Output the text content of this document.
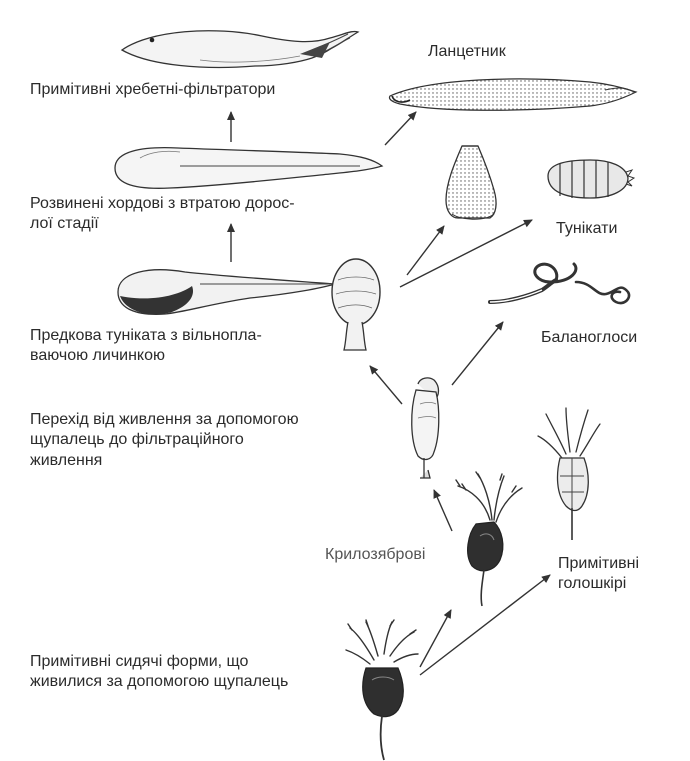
Примітивні хребетні-фільтратори
Ланцетник
Розвинені хордові з втратою дорос-
лої стадії	Тунікати
Предкова туніката з вільнопла-
ваючою личинкою
Баланоглоси
Перехід від живлення за допомогою
щупалець до фільтраційного
живлення
Крилозяброві
Примітивні
голошкірі
Примітивні сидячі форми, що
живилися за допомогою щупалець
